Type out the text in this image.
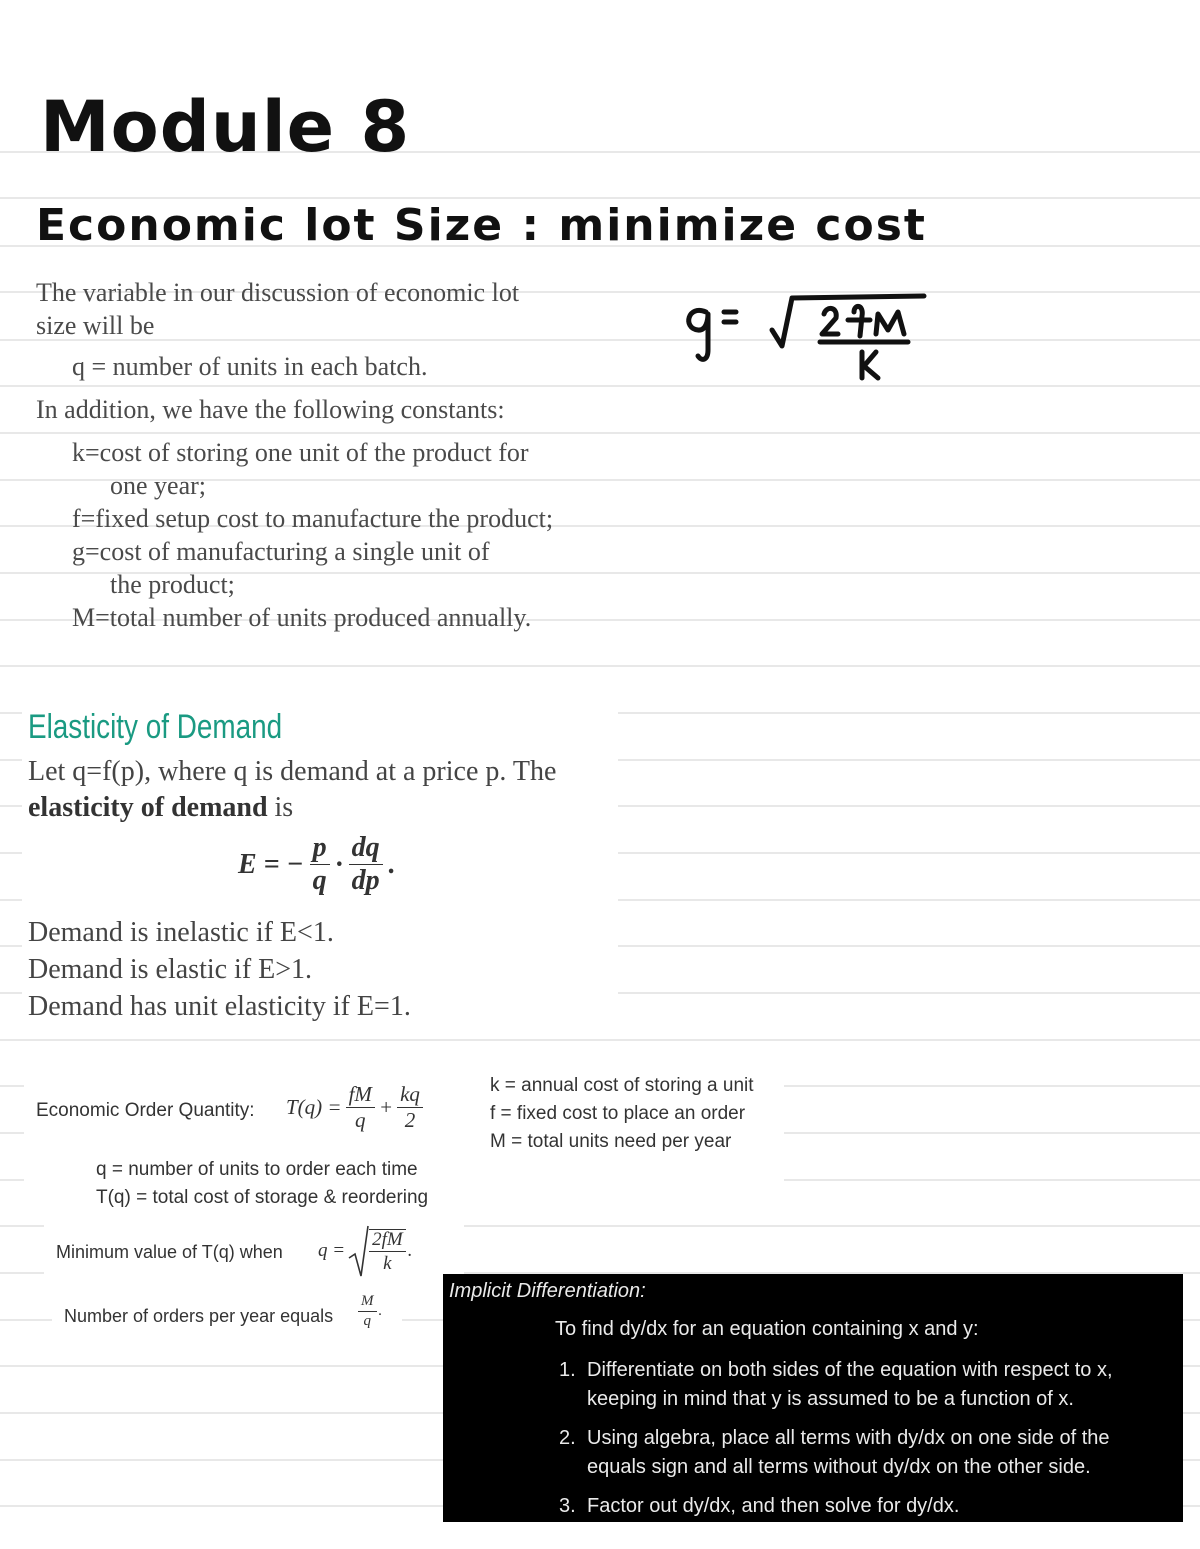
Module 8
Economic lot Size : minimize cost
The variable in our discussion of economic lot
size will be
q = number of units in each batch.
In addition, we have the following constants:
k=cost of storing one unit of the product for
one year;
f=fixed setup cost to manufacture the product;
g=cost of manufacturing a single unit of
the product;
M=total number of units produced annually.
Elasticity of Demand
Let q=f(p), where q is demand at a price p. The
elasticity of demand is
E = − $\frac{p}{q} \cdot \frac{dq}{dp}$ .
Demand is inelastic if E<1.
Demand is elastic if E>1.
Demand has unit elasticity if E=1.
Economic Order Quantity: $T(q) = \frac{fM}{q} + \frac{kq}{2}$	k = annual cost of storing a unit
f = fixed cost to place an order
M = total units need per year
q = number of units to order each time
T(q) = total cost of storage & reordering
Minimum value of T(q) when $q = \frac{2fM}{k}$ .
Number of orders per year equals $\frac{M}{q}$ .
Implicit Differentiation:
To find dy/dx for an equation containing x and y:
1. Differentiate on both sides of the equation with respect to x,
keeping in mind that y is assumed to be a function of x.
2. Using algebra, place all terms with dy/dx on one side of the
equals sign and all terms without dy/dx on the other side.
3. Factor out dy/dx, and then solve for dy/dx.
